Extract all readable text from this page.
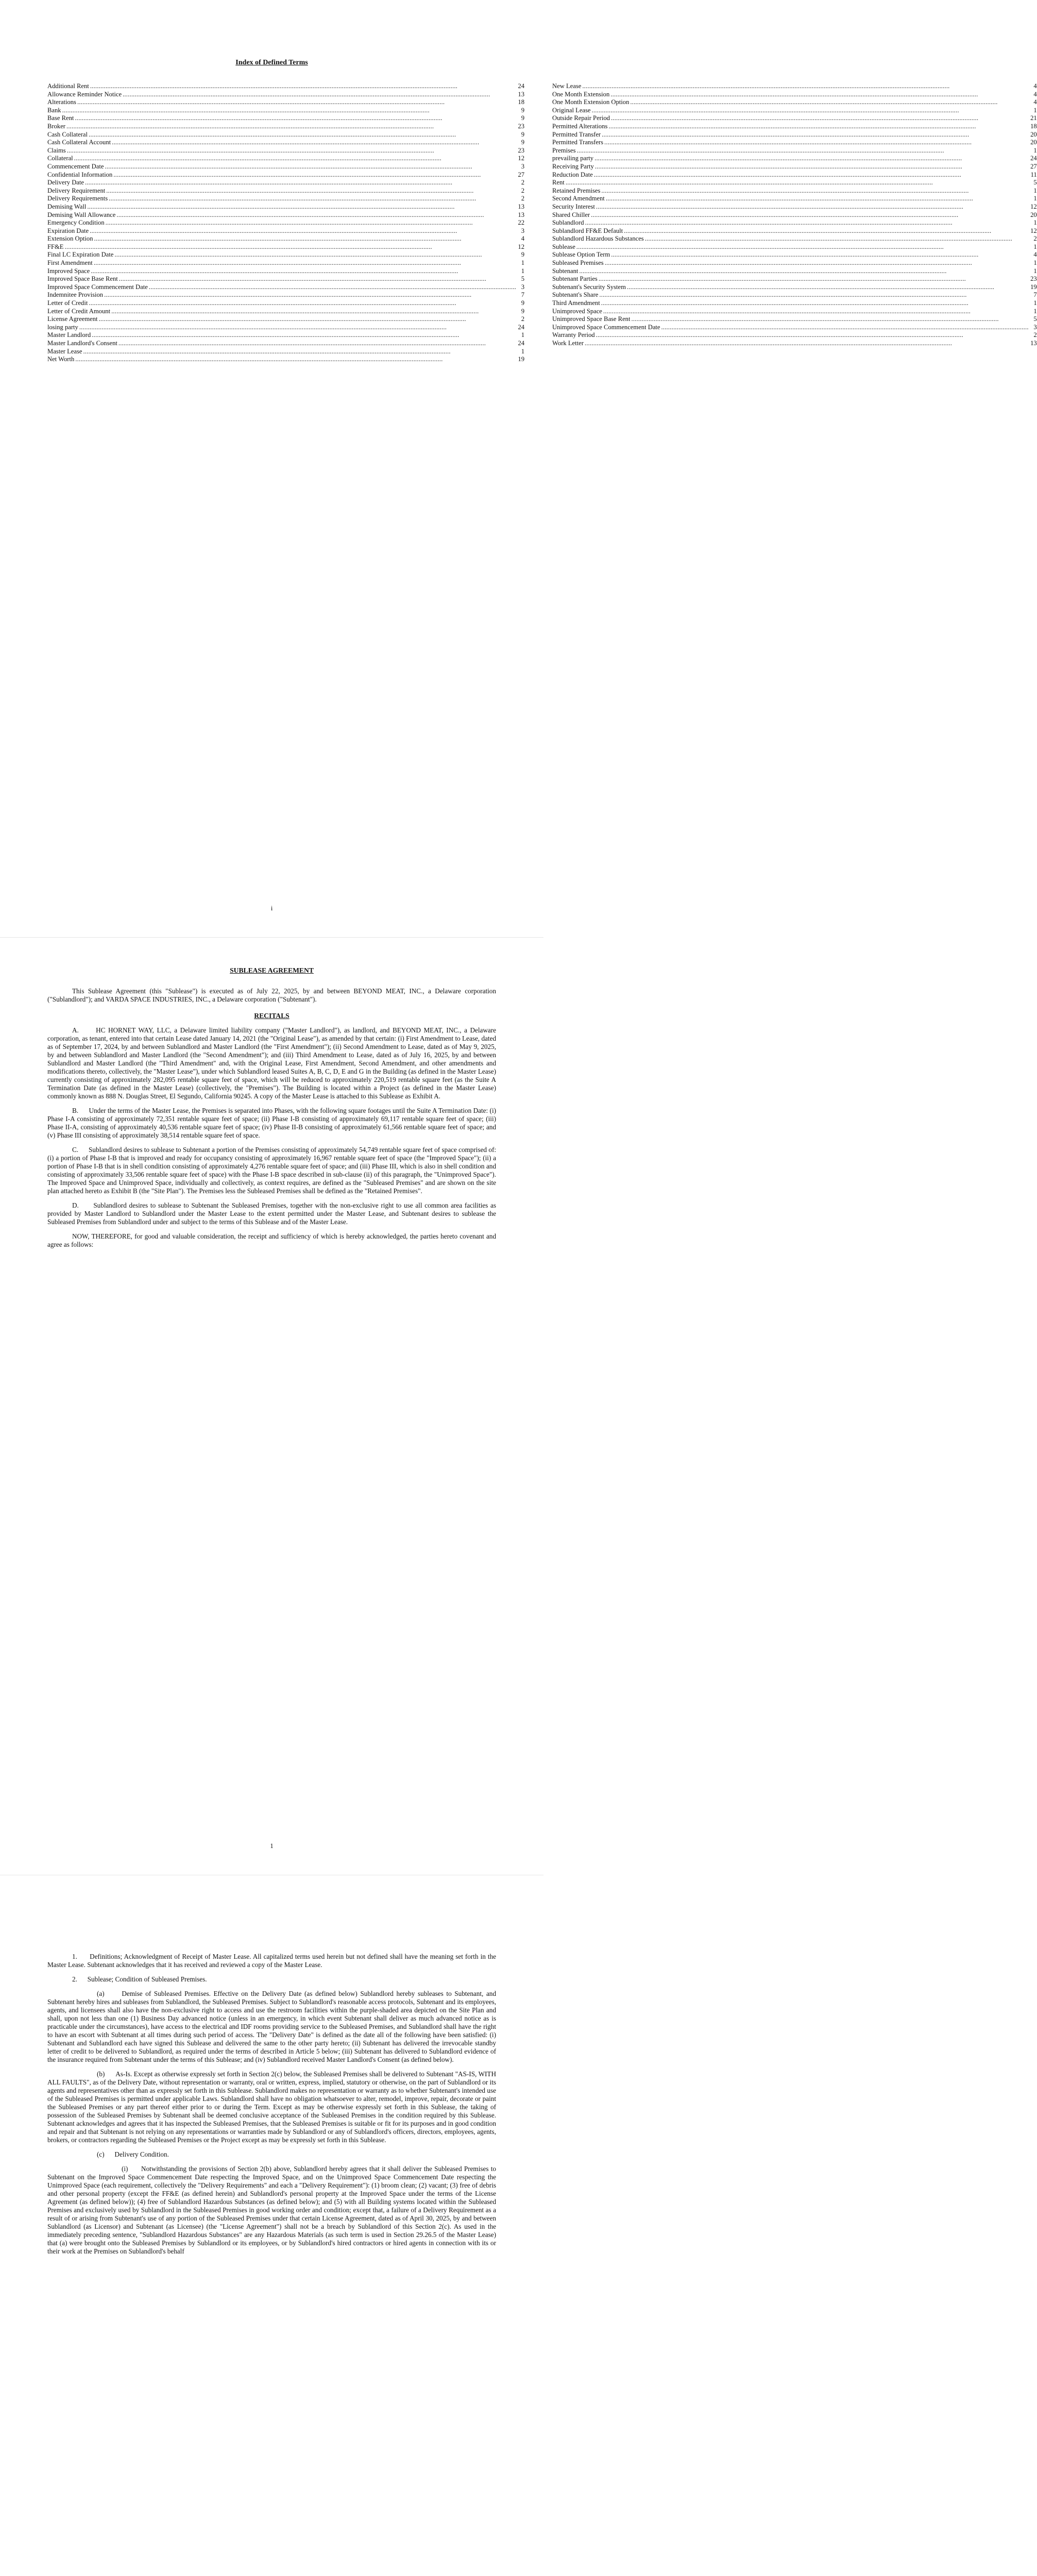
Index of Defined Terms
Additional Rent .....	24
Allowance Reminder Notice .....	13
Alterations .....	18
Bank .....	9
Base Rent .....	9
Broker .....	23
Cash Collateral .....	9
Cash Collateral Account .....	9
Claims .....	23
Collateral .....	12
Commencement Date .....	3
Confidential Information .....	27
Delivery Date .....	2
Delivery Requirement .....	2
Delivery Requirements .....	2
Demising Wall .....	13
Demising Wall Allowance .....	13
Emergency Condition .....	22
Expiration Date .....	3
Extension Option .....	4
FF&E .....	12
Final LC Expiration Date .....	9
First Amendment .....	1
Improved Space .....	1
Improved Space Base Rent .....	5
Improved Space Commencement Date .....	3
Indemnitee Provision .....	7
Letter of Credit .....	9
Letter of Credit Amount .....	9
License Agreement .....	2
losing party .....	24
Master Landlord .....	1
Master Landlord's Consent .....	24
Master Lease .....	1
Net Worth .....	19
New Lease .....	4
One Month Extension .....	4
One Month Extension Option .....	4
Original Lease .....	1
Outside Repair Period .....	21
Permitted Alterations .....	18
Permitted Transfer .....	20
Permitted Transfers .....	20
Premises .....	1
prevailing party .....	24
Receiving Party .....	27
Reduction Date .....	11
Rent .....	5
Retained Premises .....	1
Second Amendment .....	1
Security Interest .....	12
Shared Chiller .....	20
Sublandlord .....	1
Sublandlord FF&E Default .....	12
Sublandlord Hazardous Substances .....	2
Sublease .....	1
Sublease Option Term .....	4
Subleased Premises .....	1
Subtenant .....	1
Subtenant Parties .....	23
Subtenant's Security System .....	19
Subtenant's Share .....	7
Third Amendment .....	1
Unimproved Space .....	1
Unimproved Space Base Rent .....	5
Unimproved Space Commencement Date .....	3
Warranty Period .....	2
Work Letter .....	13
i
SUBLEASE AGREEMENT

This Sublease Agreement (this "Sublease") is executed as of July 22, 2025, by and between BEYOND MEAT, INC., a Delaware corporation ("Sublandlord"); and VARDA SPACE INDUSTRIES, INC., a Delaware corporation ("Subtenant").

RECITALS

A.      HC HORNET WAY, LLC, a Delaware limited liability company ("Master Landlord"), as landlord, and BEYOND MEAT, INC., a Delaware corporation, as tenant, entered into that certain Lease dated January 14, 2021 (the "Original Lease"), as amended by that certain: (i) First Amendment to Lease, dated as of September 17, 2024, by and between Sublandlord and Master Landlord (the "First Amendment"); (ii) Second Amendment to Lease, dated as of May 9, 2025, by and between Sublandlord and Master Landlord (the "Second Amendment"); and (iii) Third Amendment to Lease, dated as of July 16, 2025, by and between Sublandlord and Master Landlord (the "Third Amendment" and, with the Original Lease, First Amendment, Second Amendment, and other amendments and modifications thereto, collectively, the "Master Lease"), under which Sublandlord leased Suites A, B, C, D, E and G in the Building (as defined in the Master Lease) currently consisting of approximately 282,095 rentable square feet of space, which will be reduced to approximately 220,519 rentable square feet (as the Suite A Termination Date (as defined in the Master Lease) (collectively, the "Premises"). The Building is located within a Project (as defined in the Master Lease) commonly known as 888 N. Douglas Street, El Segundo, California 90245. A copy of the Master Lease is attached to this Sublease as Exhibit A.

B.      Under the terms of the Master Lease, the Premises is separated into Phases, with the following square footages until the Suite A Termination Date: (i) Phase I-A consisting of approximately 72,351 rentable square feet of space; (ii) Phase I-B consisting of approximately 69,117 rentable square feet of space; (iii) Phase II-A, consisting of approximately 40,536 rentable square feet of space; (iv) Phase II-B consisting of approximately 61,566 rentable square feet of space; and (v) Phase III consisting of approximately 38,514 rentable square feet of space.

C.      Sublandlord desires to sublease to Subtenant a portion of the Premises consisting of approximately 54,749 rentable square feet of space comprised of: (i) a portion of Phase I-B that is improved and ready for occupancy consisting of approximately 16,967 rentable square feet of space (the "Improved Space"); (ii) a portion of Phase I-B that is in shell condition consisting of approximately 4,276 rentable square feet of space; and (iii) Phase III, which is also in shell condition and consisting of approximately 33,506 rentable square feet of space) with the Phase I-B space described in sub-clause (ii) of this paragraph, the "Unimproved Space"). The Improved Space and Unimproved Space, individually and collectively, as context requires, are defined as the "Subleased Premises" and are shown on the site plan attached hereto as Exhibit B (the "Site Plan"). The Premises less the Subleased Premises shall be defined as the "Retained Premises".

D.      Sublandlord desires to sublease to Subtenant the Subleased Premises, together with the non-exclusive right to use all common area facilities as provided by Master Landlord to Sublandlord under the Master Lease to the extent permitted under the Master Lease, and Subtenant desires to sublease the Subleased Premises from Sublandlord under and subject to the terms of this Sublease and of the Master Lease.

NOW, THEREFORE, for good and valuable consideration, the receipt and sufficiency of which is hereby acknowledged, the parties hereto covenant and agree as follows:

1

1.      Definitions; Acknowledgment of Receipt of Master Lease. All capitalized terms used herein but not defined shall have the meaning set forth in the Master Lease. Subtenant acknowledges that it has received and reviewed a copy of the Master Lease.

2.      Sublease; Condition of Subleased Premises.

(a)      Demise of Subleased Premises. Effective on the Delivery Date (as defined below) Sublandlord hereby subleases to Subtenant, and Subtenant hereby hires and subleases from Sublandlord, the Subleased Premises. Subject to Sublandlord's reasonable access protocols, Subtenant and its employees, agents, and licensees shall also have the non-exclusive right to access and use the restroom facilities within the purple-shaded area depicted on the Site Plan and shall, upon not less than one (1) Business Day advanced notice (unless in an emergency, in which event Subtenant shall deliver as much advanced notice as is practicable under the circumstances), have access to the electrical and IDF rooms providing service to the Subleased Premises, and Sublandlord shall have the right to have an escort with Subtenant at all times during such period of access. The "Delivery Date" is defined as the date all of the following have been satisfied: (i) Subtenant and Sublandlord each have signed this Sublease and delivered the same to the other party hereto; (ii) Subtenant has delivered the irrevocable standby letter of credit to be delivered to Sublandlord, as required under the terms of described in Article 5 below; (iii) Subtenant has delivered to Sublandlord evidence of the insurance required from Subtenant under the terms of this Sublease; and (iv) Sublandlord received Master Landlord's Consent (as defined below).

(b)      As-Is. Except as otherwise expressly set forth in Section 2(c) below, the Subleased Premises shall be delivered to Subtenant "AS-IS, WITH ALL FAULTS", as of the Delivery Date, without representation or warranty, oral or written, express, implied, statutory or otherwise, on the part of Sublandlord or its agents and representatives other than as expressly set forth in this Sublease. Sublandlord makes no representation or warranty as to whether Subtenant's intended use of the Subleased Premises is permitted under applicable Laws. Sublandlord shall have no obligation whatsoever to alter, remodel, improve, repair, decorate or paint the Subleased Premises or any part thereof either prior to or during the Term. Except as may be otherwise expressly set forth in this Sublease, the taking of possession of the Subleased Premises by Subtenant shall be deemed conclusive acceptance of the Subleased Premises in the condition required by this Sublease. Subtenant acknowledges and agrees that it has inspected the Subleased Premises, that the Subleased Premises is suitable or fit for its purposes and in good condition and repair and that Subtenant is not relying on any representations or warranties made by Sublandlord or any of Sublandlord's officers, directors, employees, agents, brokers, or contractors regarding the Subleased Premises or the Project except as may be expressly set forth in this Sublease.

(c)      Delivery Condition.

(i)      Notwithstanding the provisions of Section 2(b) above, Sublandlord hereby agrees that it shall deliver the Subleased Premises to Subtenant on the Improved Space Commencement Date respecting the Improved Space, and on the Unimproved Space Commencement Date respecting the Unimproved Space (each requirement, collectively the "Delivery Requirements" and each a "Delivery Requirement"): (1) broom clean; (2) vacant; (3) free of debris and other personal property (except the FF&E (as defined herein) and Sublandlord's personal property at the Improved Space under the terms of the License Agreement (as defined below)); (4) free of Sublandlord Hazardous Substances (as defined below); and (5) with all Building systems located within the Subleased Premises and exclusively used by Sublandlord in the Subleased Premises in good working order and condition; except that, a failure of a Delivery Requirement as a result of or arising from Subtenant's use of any portion of the Subleased Premises under that certain License Agreement, dated as of April 30, 2025, by and between Sublandlord (as Licensor) and Subtenant (as Licensee) (the "License Agreement") shall not be a breach by Sublandlord of this Section 2(c). As used in the immediately preceding sentence, "Sublandlord Hazardous Substances" are any Hazardous Materials (as such term is used in Section 29.26.5 of the Master Lease) that (a) were brought onto the Subleased Premises by Sublandlord or its employees, or by Sublandlord's hired contractors or hired agents in connection with its or their work at the Premises on Sublandlord's behalf
